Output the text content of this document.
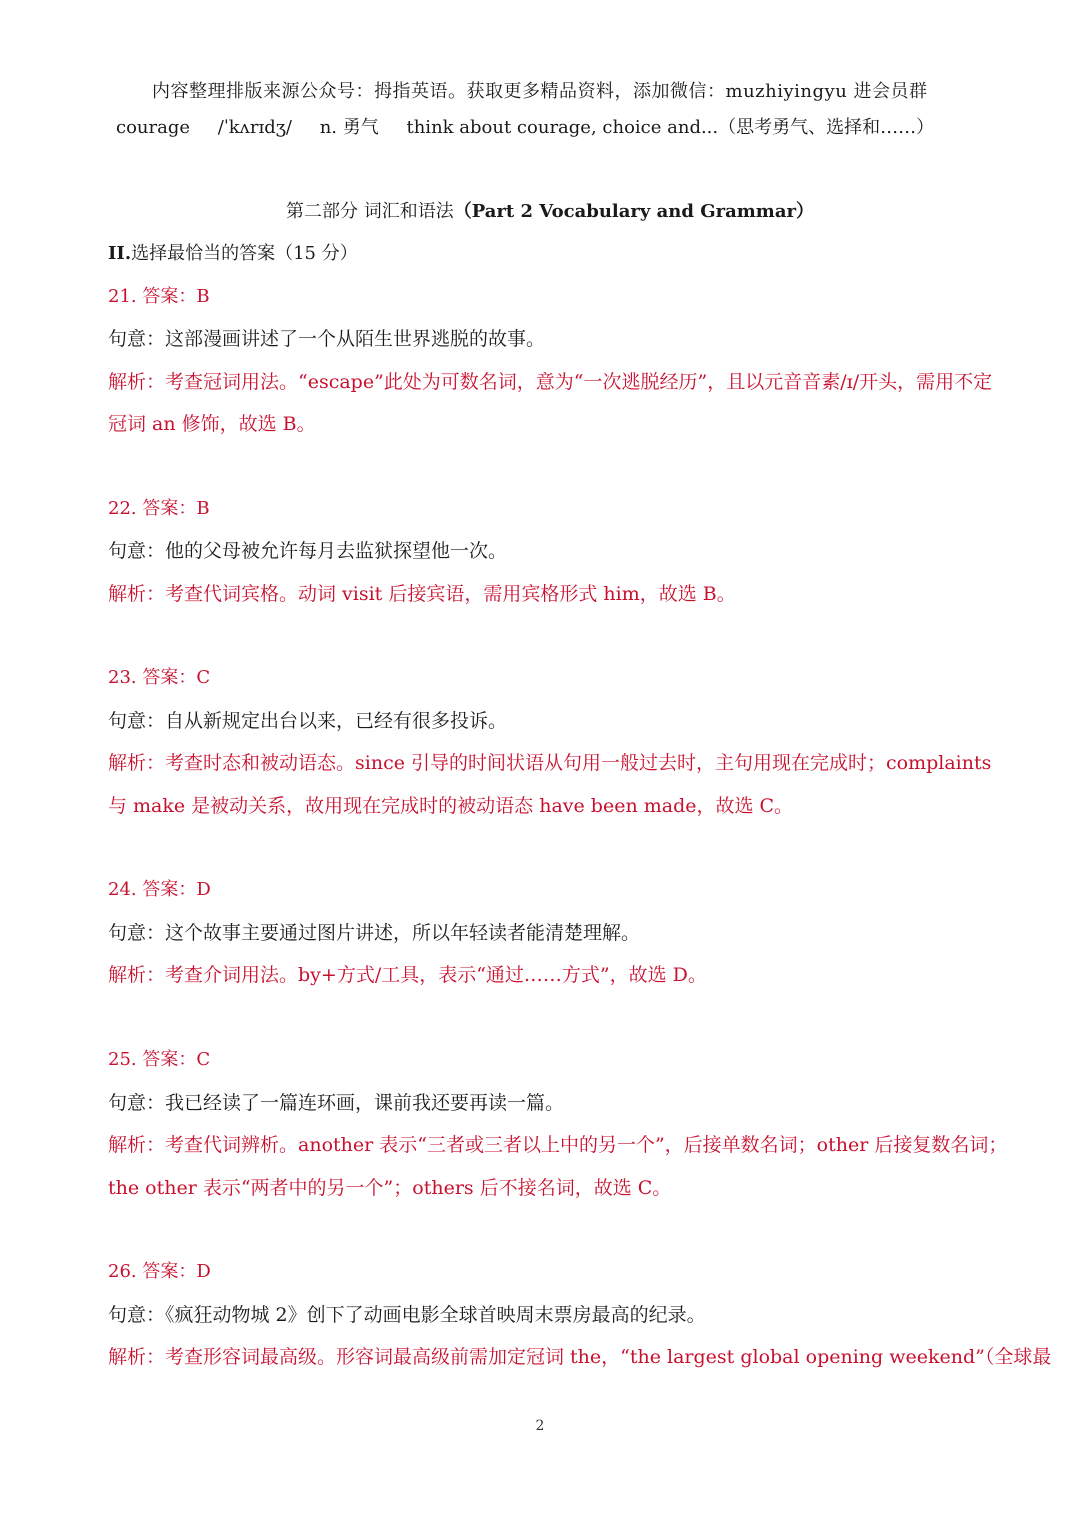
内容整理排版来源公众号：拇指英语。获取更多精品资料，添加微信：muzhiyingyu 进会员群
courage /ˈkʌrɪdʒ/ n. 勇气 think about courage, choice and...（思考勇气、选择和……）
第二部分 词汇和语法（Part 2 Vocabulary and Grammar）
II.选择最恰当的答案（15 分）
21. 答案：B
句意：这部漫画讲述了一个从陌生世界逃脱的故事。
解析：考查冠词用法。“escape”此处为可数名词，意为“一次逃脱经历”，且以元音音素/ɪ/开头，需用不定
冠词 an 修饰，故选 B。
22. 答案：B
句意：他的父母被允许每月去监狱探望他一次。
解析：考查代词宾格。动词 visit 后接宾语，需用宾格形式 him，故选 B。
23. 答案：C
句意：自从新规定出台以来，已经有很多投诉。
解析：考查时态和被动语态。since 引导的时间状语从句用一般过去时，主句用现在完成时；complaints
与 make 是被动关系，故用现在完成时的被动语态 have been made，故选 C。
24. 答案：D
句意：这个故事主要通过图片讲述，所以年轻读者能清楚理解。
解析：考查介词用法。by+方式/工具，表示“通过……方式”，故选 D。
25. 答案：C
句意：我已经读了一篇连环画，课前我还要再读一篇。
解析：考查代词辨析。another 表示“三者或三者以上中的另一个”，后接单数名词；other 后接复数名词；
the other 表示“两者中的另一个”；others 后不接名词，故选 C。
26. 答案：D
句意：《疯狂动物城 2》创下了动画电影全球首映周末票房最高的纪录。
解析：考查形容词最高级。形容词最高级前需加定冠词 the，“the largest global opening weekend”（全球最
2
